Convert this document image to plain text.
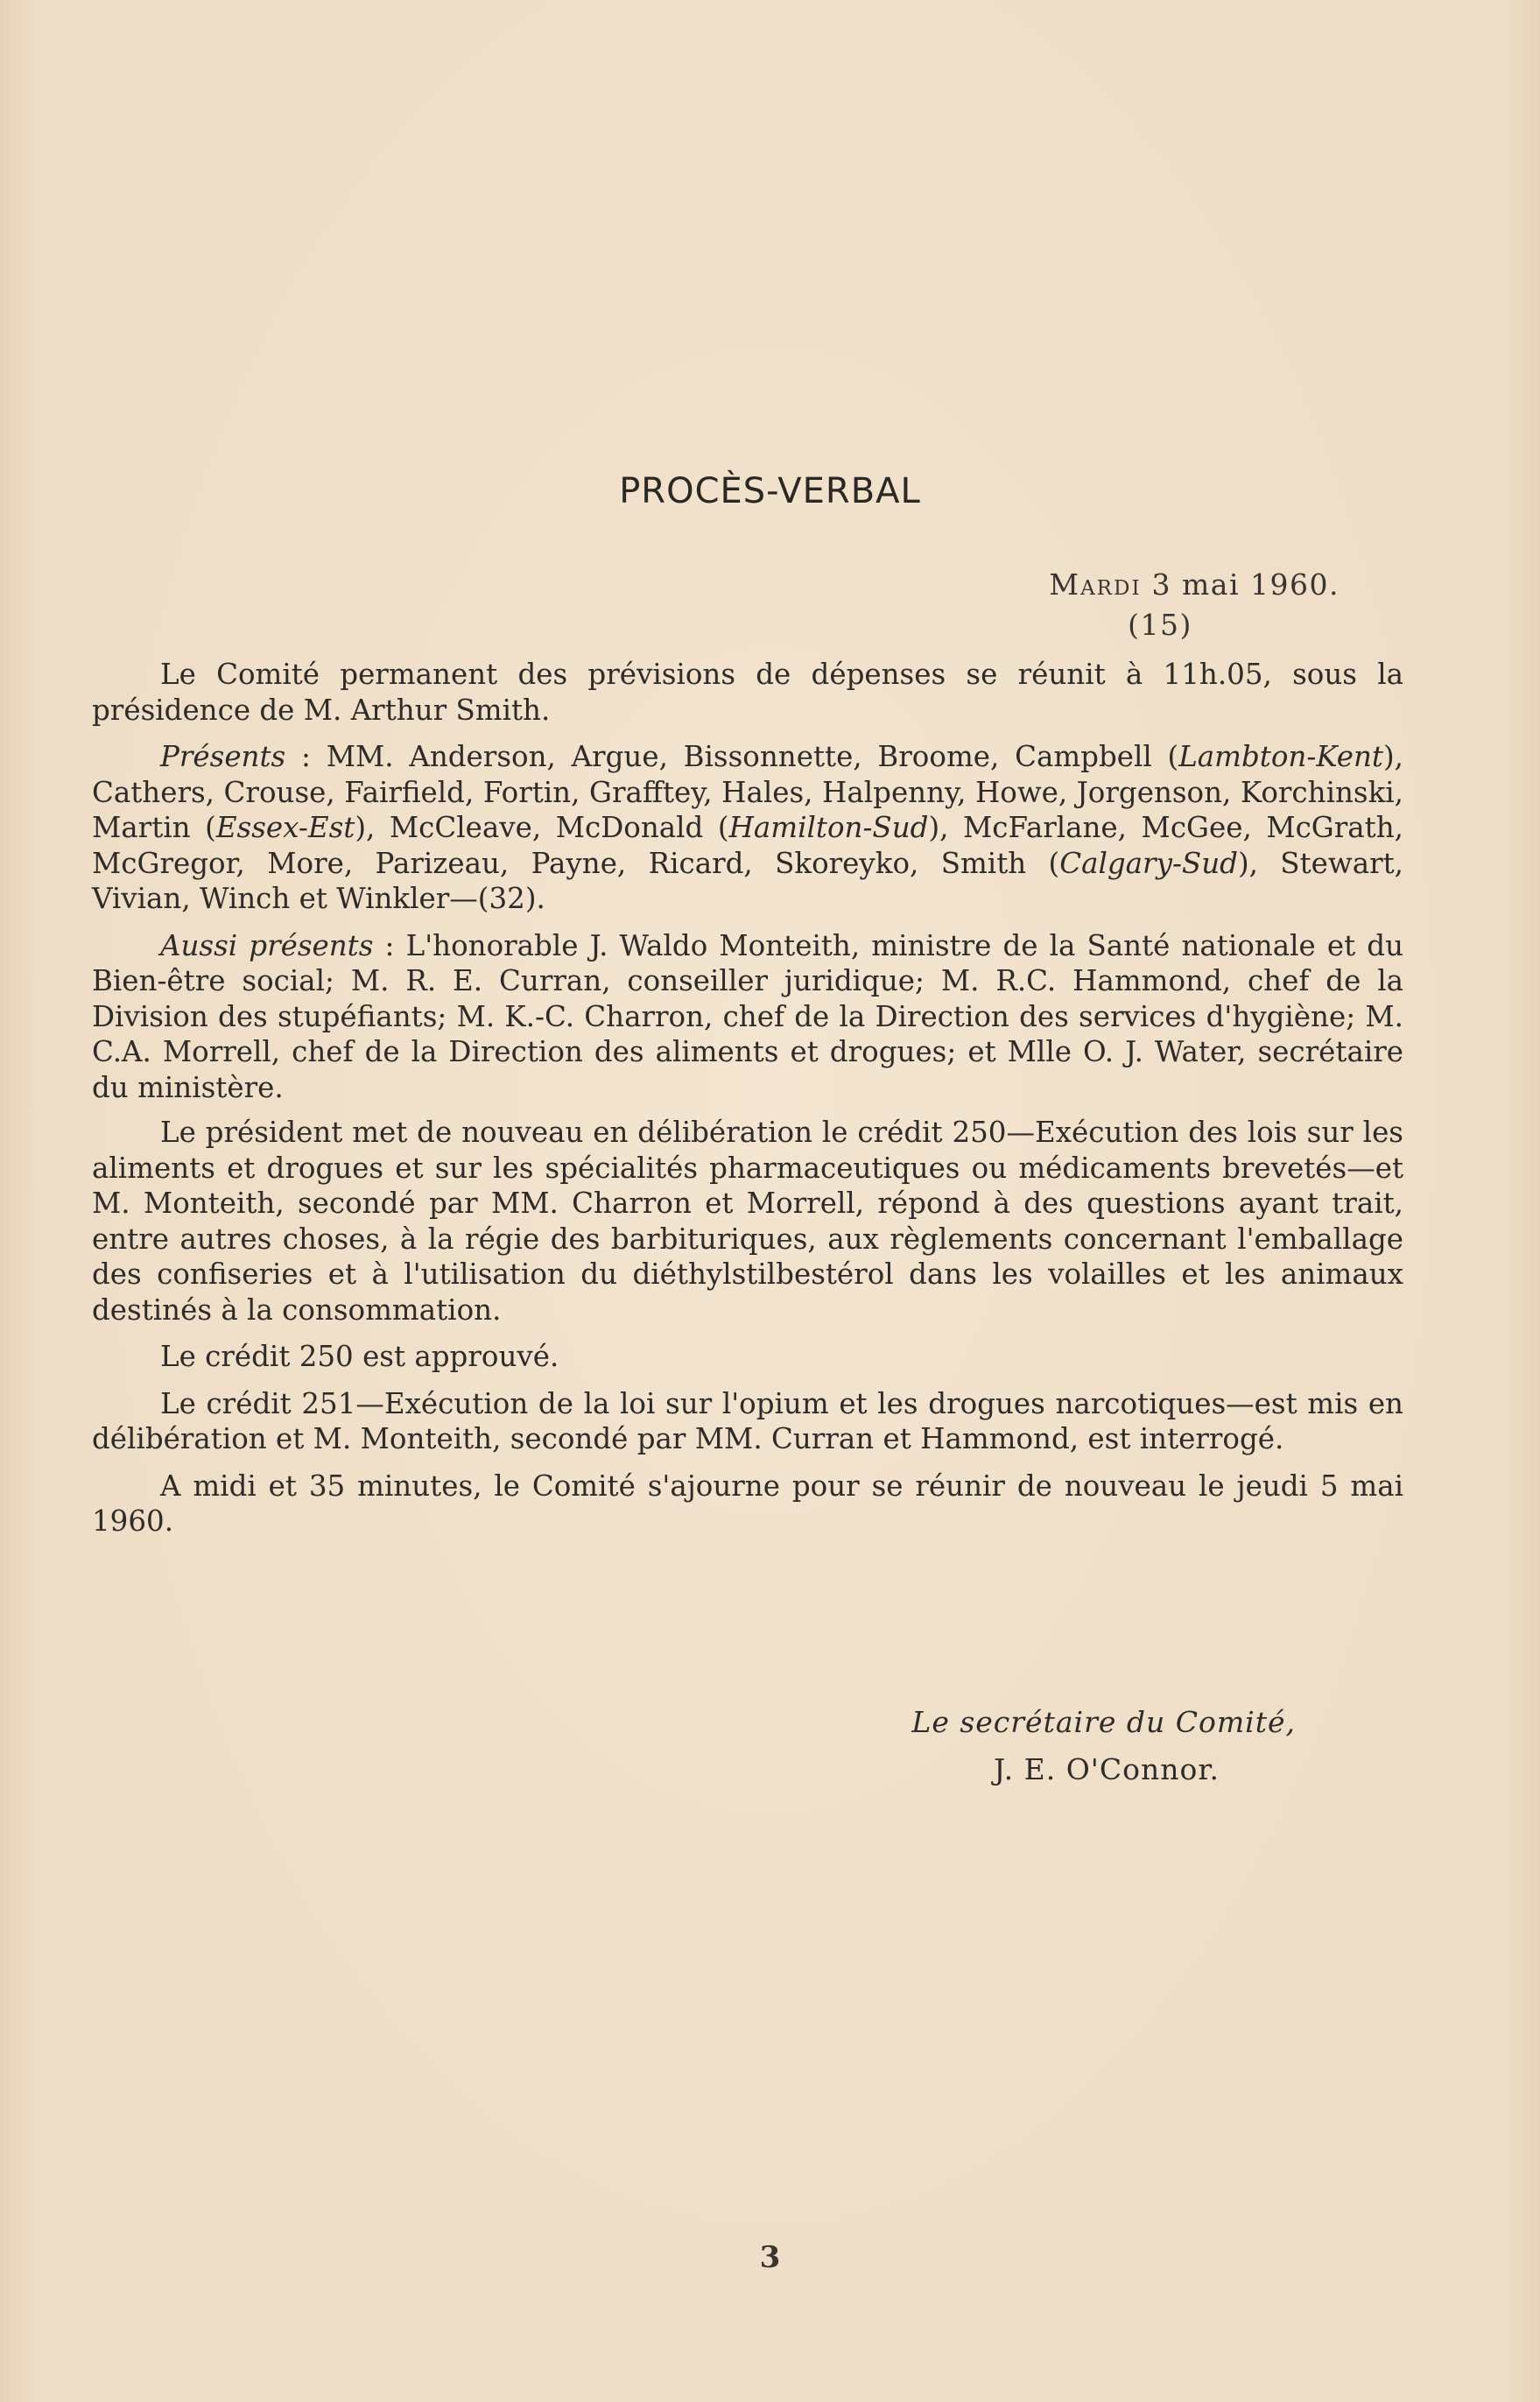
PROCÈS-VERBAL
Mardi 3 mai 1960.
(15)

Le Comité permanent des prévisions de dépenses se réunit à 11h.05, sous la présidence de M. Arthur Smith.

Présents : MM. Anderson, Argue, Bissonnette, Broome, Campbell (Lambton-Kent), Cathers, Crouse, Fairfield, Fortin, Grafftey, Hales, Halpenny, Howe, Jorgenson, Korchinski, Martin (Essex-Est), McCleave, McDonald (Hamilton-Sud), McFarlane, McGee, McGrath, McGregor, More, Parizeau, Payne, Ricard, Skoreyko, Smith (Calgary-Sud), Stewart, Vivian, Winch et Winkler—(32).

Aussi présents : L'honorable J. Waldo Monteith, ministre de la Santé nationale et du Bien-être social; M. R. E. Curran, conseiller juridique; M. R.C. Hammond, chef de la Division des stupéfiants; M. K.-C. Charron, chef de la Direction des services d'hygiène; M. C.A. Morrell, chef de la Direction des aliments et drogues; et Mlle O. J. Water, secrétaire du ministère.

Le président met de nouveau en délibération le crédit 250—Exécution des lois sur les aliments et drogues et sur les spécialités pharmaceutiques ou médicaments brevetés—et M. Monteith, secondé par MM. Charron et Morrell, répond à des questions ayant trait, entre autres choses, à la régie des barbituriques, aux règlements concernant l'emballage des confiseries et à l'utilisation du diéthylstilbestérol dans les volailles et les animaux destinés à la consommation.

Le crédit 250 est approuvé.

Le crédit 251—Exécution de la loi sur l'opium et les drogues narcotiques—est mis en délibération et M. Monteith, secondé par MM. Curran et Hammond, est interrogé.

A midi et 35 minutes, le Comité s'ajourne pour se réunir de nouveau le jeudi 5 mai 1960.

Le secrétaire du Comité,
J. E. O'Connor.
3
